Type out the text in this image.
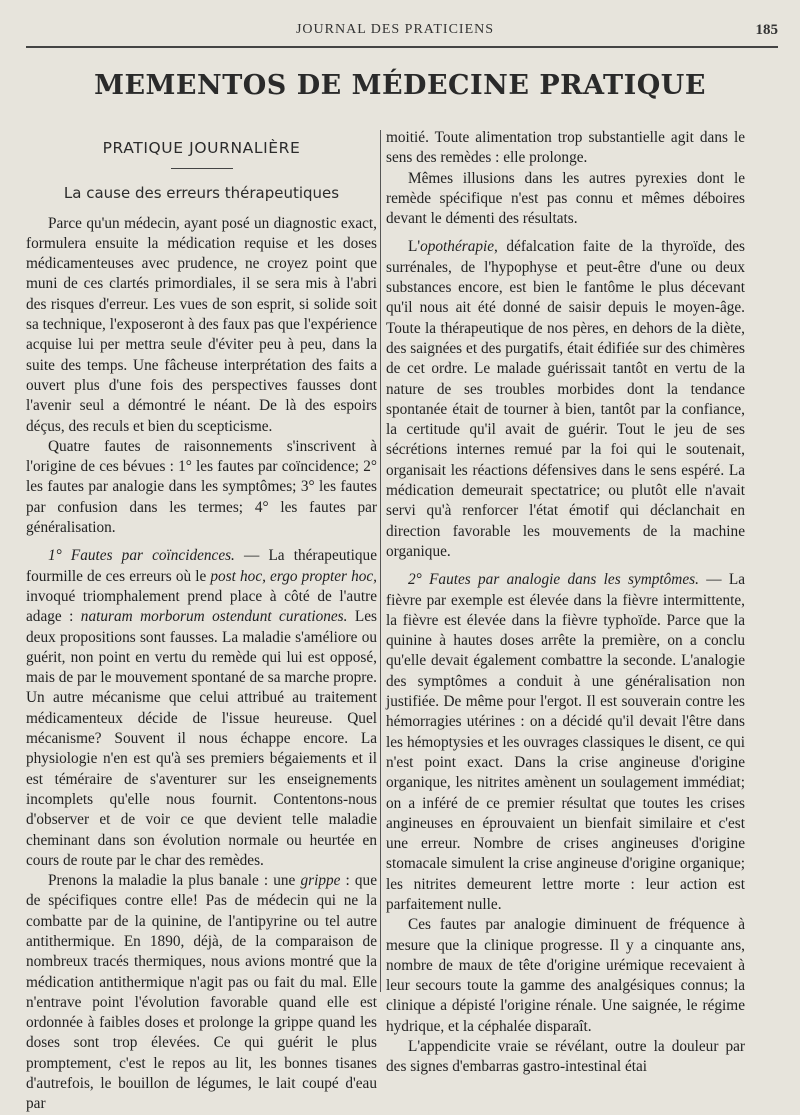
JOURNAL DES PRATICIENS	185
MEMENTOS DE MÉDECINE PRATIQUE
PRATIQUE JOURNALIÈRE
La cause des erreurs thérapeutiques

Parce qu'un médecin, ayant posé un diagnostic exact, formulera ensuite la médication requise et les doses médicamenteuses avec prudence, ne croyez point que muni de ces clartés primordiales, il se sera mis à l'abri des risques d'erreur. Les vues de son esprit, si solide soit sa technique, l'exposeront à des faux pas que l'expérience acquise lui per mettra seule d'éviter peu à peu, dans la suite des temps. Une fâcheuse interprétation des faits a ouvert plus d'une fois des perspectives fausses dont l'avenir seul a démontré le néant. De là des espoirs déçus, des reculs et bien du scepticisme.

Quatre fautes de raisonnements s'inscrivent à l'origine de ces bévues : 1° les fautes par coïncidence; 2° les fautes par analogie dans les symptômes; 3° les fautes par confusion dans les termes; 4° les fautes par généralisation.

1° Fautes par coïncidences. — La thérapeutique fourmille de ces erreurs où le post hoc, ergo propter hoc, invoqué triomphalement prend place à côté de l'autre adage : naturam morborum ostendunt curationes. Les deux propositions sont fausses. La maladie s'améliore ou guérit, non point en vertu du remède qui lui est opposé, mais de par le mouvement spontané de sa marche propre. Un autre mécanisme que celui attribué au traitement médicamenteux décide de l'issue heureuse. Quel mécanisme? Souvent il nous échappe encore. La physiologie n'en est qu'à ses premiers bégaiements et il est téméraire de s'aventurer sur les enseignements incomplets qu'elle nous fournit. Contentons-nous d'observer et de voir ce que devient telle maladie cheminant dans son évolution normale ou heurtée en cours de route par le char des remèdes.

Prenons la maladie la plus banale : une grippe : que de spécifiques contre elle! Pas de médecin qui ne la combatte par de la quinine, de l'antipyrine ou tel autre antithermique. En 1890, déjà, de la comparaison de nombreux tracés thermiques, nous avions montré que la médication antithermique n'agit pas ou fait du mal. Elle n'entrave point l'évolution favorable quand elle est ordonnée à faibles doses et prolonge la grippe quand les doses sont trop élevées. Ce qui guérit le plus promptement, c'est le repos au lit, les bonnes tisanes d'autrefois, le bouillon de légumes, le lait coupé d'eau par

moitié. Toute alimentation trop substantielle agit dans le sens des remèdes : elle prolonge.

Mêmes illusions dans les autres pyrexies dont le remède spécifique n'est pas connu et mêmes déboires devant le démenti des résultats.

L'opothérapie, défalcation faite de la thyroïde, des surrénales, de l'hypophyse et peut-être d'une ou deux substances encore, est bien le fantôme le plus décevant qu'il nous ait été donné de saisir depuis le moyen-âge. Toute la thérapeutique de nos pères, en dehors de la diète, des saignées et des purgatifs, était édifiée sur des chimères de cet ordre. Le malade guérissait tantôt en vertu de la nature de ses troubles morbides dont la tendance spontanée était de tourner à bien, tantôt par la confiance, la certitude qu'il avait de guérir. Tout le jeu de ses sécrétions internes remué par la foi qui le soutenait, organisait les réactions défensives dans le sens espéré. La médication demeurait spectatrice; ou plutôt elle n'avait servi qu'à renforcer l'état émotif qui déclanchait en direction favorable les mouvements de la machine organique.

2° Fautes par analogie dans les symptômes. — La fièvre par exemple est élevée dans la fièvre intermittente, la fièvre est élevée dans la fièvre typhoïde. Parce que la quinine à hautes doses arrête la première, on a conclu qu'elle devait également combattre la seconde. L'analogie des symptômes a conduit à une généralisation non justifiée. De même pour l'ergot. Il est souverain contre les hémorragies utérines : on a décidé qu'il devait l'être dans les hémoptysies et les ouvrages classiques le disent, ce qui n'est point exact. Dans la crise angineuse d'origine organique, les nitrites amènent un soulagement immédiat; on a inféré de ce premier résultat que toutes les crises angineuses en éprouvaient un bienfait similaire et c'est une erreur. Nombre de crises angineuses d'origine stomacale simulent la crise angineuse d'origine organique; les nitrites demeurent lettre morte : leur action est parfaitement nulle.

Ces fautes par analogie diminuent de fréquence à mesure que la clinique progresse. Il y a cinquante ans, nombre de maux de tête d'origine urémique recevaient à leur secours toute la gamme des analgésiques connus; la clinique a dépisté l'origine rénale. Une saignée, le régime hydrique, et la céphalée disparaît.

L'appendicite vraie se révélant, outre la douleur par des signes d'embarras gastro-intestinal étai
